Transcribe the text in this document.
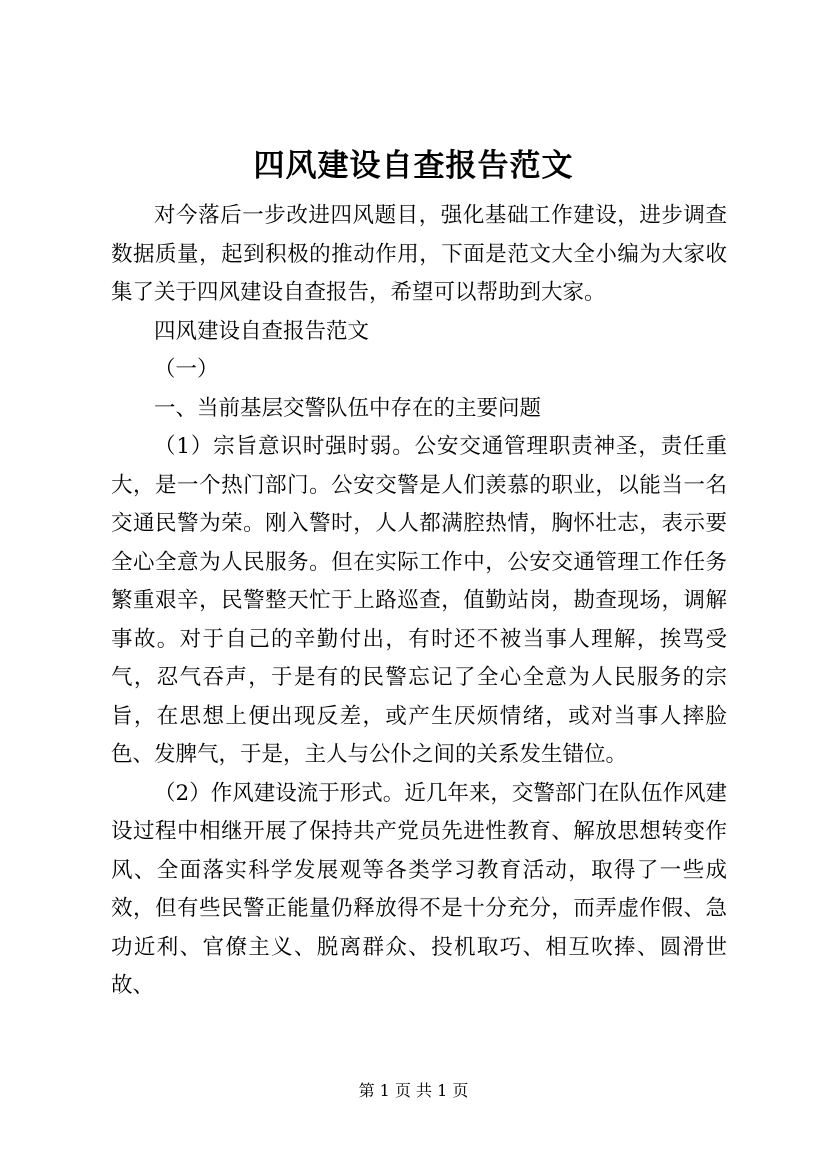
四风建设自查报告范文

对今落后一步改进四风题目，强化基础工作建设，进步调查数据质量，起到积极的推动作用，下面是范文大全小编为大家收集了关于四风建设自查报告，希望可以帮助到大家。

四风建设自查报告范文

（一）

一、当前基层交警队伍中存在的主要问题

（1）宗旨意识时强时弱。公安交通管理职责神圣，责任重大，是一个热门部门。公安交警是人们羡慕的职业，以能当一名交通民警为荣。刚入警时，人人都满腔热情，胸怀壮志，表示要全心全意为人民服务。但在实际工作中，公安交通管理工作任务繁重艰辛，民警整天忙于上路巡查，值勤站岗，勘查现场，调解事故。对于自己的辛勤付出，有时还不被当事人理解，挨骂受气，忍气吞声，于是有的民警忘记了全心全意为人民服务的宗旨，在思想上便出现反差，或产生厌烦情绪，或对当事人摔脸色、发脾气，于是，主人与公仆之间的关系发生错位。

（2）作风建设流于形式。近几年来，交警部门在队伍作风建设过程中相继开展了保持共产党员先进性教育、解放思想转变作风、全面落实科学发展观等各类学习教育活动，取得了一些成效，但有些民警正能量仍释放得不是十分充分，而弄虚作假、急功近利、官僚主义、脱离群众、投机取巧、相互吹捧、圆滑世故、

第 1 页 共 1 页
